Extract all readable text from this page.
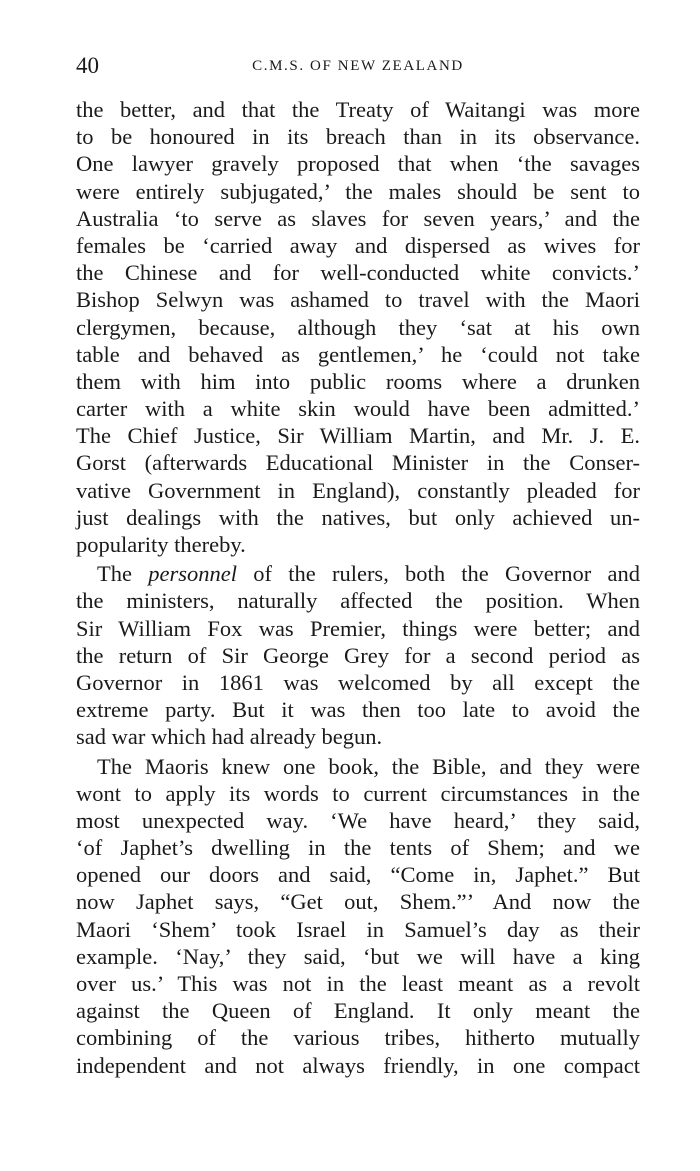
40	C.M.S. OF NEW ZEALAND
the better, and that the Treaty of Waitangi was more
to be honoured in its breach than in its observance.
One lawyer gravely proposed that when ‘the savages
were entirely subjugated,’ the males should be sent to
Australia ‘to serve as slaves for seven years,’ and the
females be ‘carried away and dispersed as wives for
the Chinese and for well-conducted white convicts.’
Bishop Selwyn was ashamed to travel with the Maori
clergymen, because, although they ‘sat at his own
table and behaved as gentlemen,’ he ‘could not take
them with him into public rooms where a drunken
carter with a white skin would have been admitted.’
The Chief Justice, Sir William Martin, and Mr. J. E.
Gorst (afterwards Educational Minister in the Conser-
vative Government in England), constantly pleaded for
just dealings with the natives, but only achieved un-
popularity thereby.
The personnel of the rulers, both the Governor and
the ministers, naturally affected the position. When
Sir William Fox was Premier, things were better; and
the return of Sir George Grey for a second period as
Governor in 1861 was welcomed by all except the
extreme party. But it was then too late to avoid the
sad war which had already begun.
The Maoris knew one book, the Bible, and they were
wont to apply its words to current circumstances in the
most unexpected way. ‘We have heard,’ they said,
‘of Japhet’s dwelling in the tents of Shem; and we
opened our doors and said, “Come in, Japhet.” But
now Japhet says, “Get out, Shem.”’ And now the
Maori ‘Shem’ took Israel in Samuel’s day as their
example. ‘Nay,’ they said, ‘but we will have a king
over us.’ This was not in the least meant as a revolt
against the Queen of England. It only meant the
combining of the various tribes, hitherto mutually
independent and not always friendly, in one compact
